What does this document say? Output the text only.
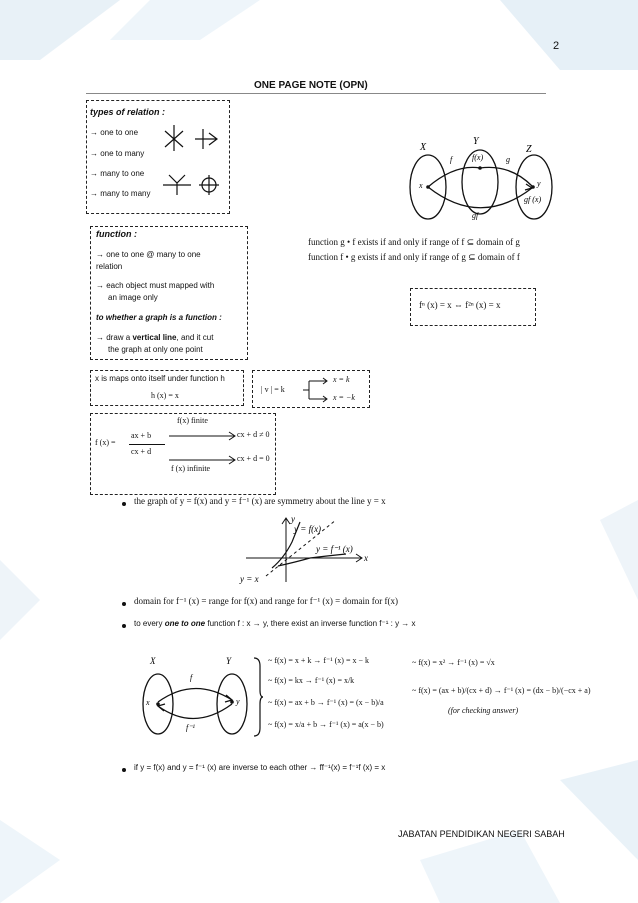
2
ONE PAGE NOTE (OPN)
types of relation :
→ one to one
→ one to many
→ many to one
→ many to many
function :
→ one to one @ many to one
relation
→ each object must mapped with
an image only
to whether a graph is a function :
→ draw a vertical line, and it cut
the graph at only one point
X
Y
Z
x	y
f f(x)	g
gf
gf (x)
function g • f exists if and only if range of f ⊆ domain of g
function f • g exists if and only if range of g ⊆ domain of f
fⁿ (x) = x ⇔ f²ⁿ (x) = x
x is maps onto itself under function h
h (x) = x
| ᴠ | = k
x = k
x = −k
f (x) =
ax + b
cx + d
f(x) finite
f (x) infinite
cx + d ≠ 0
cx + d = 0
the graph of y = f(x) and y = f⁻¹ (x) are symmetry about the line y = x
y
x
y = f(x)
y = f⁻¹ (x)
y = x
domain for f⁻¹ (x) = range for f(x) and range for f⁻¹ (x) = domain for f(x)
to every one to one function f : x → y, there exist an inverse function f⁻¹ : y → x
X	Y
x	y
f
f⁻¹
~ f(x) = x + k → f⁻¹ (x) = x − k
~ f(x) = kx → f⁻¹ (x) = x/k
~ f(x) = ax + b → f⁻¹ (x) = (x − b)/a
~ f(x) = x/a + b → f⁻¹ (x) = a(x − b)
~ f(x) = x² → f⁻¹ (x) = √x
~ f(x) = (ax + b)/(cx + d) → f⁻¹ (x) = (dx − b)/(−cx + a)
(for checking answer)
if y = f(x) and y = f⁻¹ (x) are inverse to each other → ff⁻¹(x) = f⁻¹f (x) = x
JABATAN PENDIDIKAN NEGERI SABAH
